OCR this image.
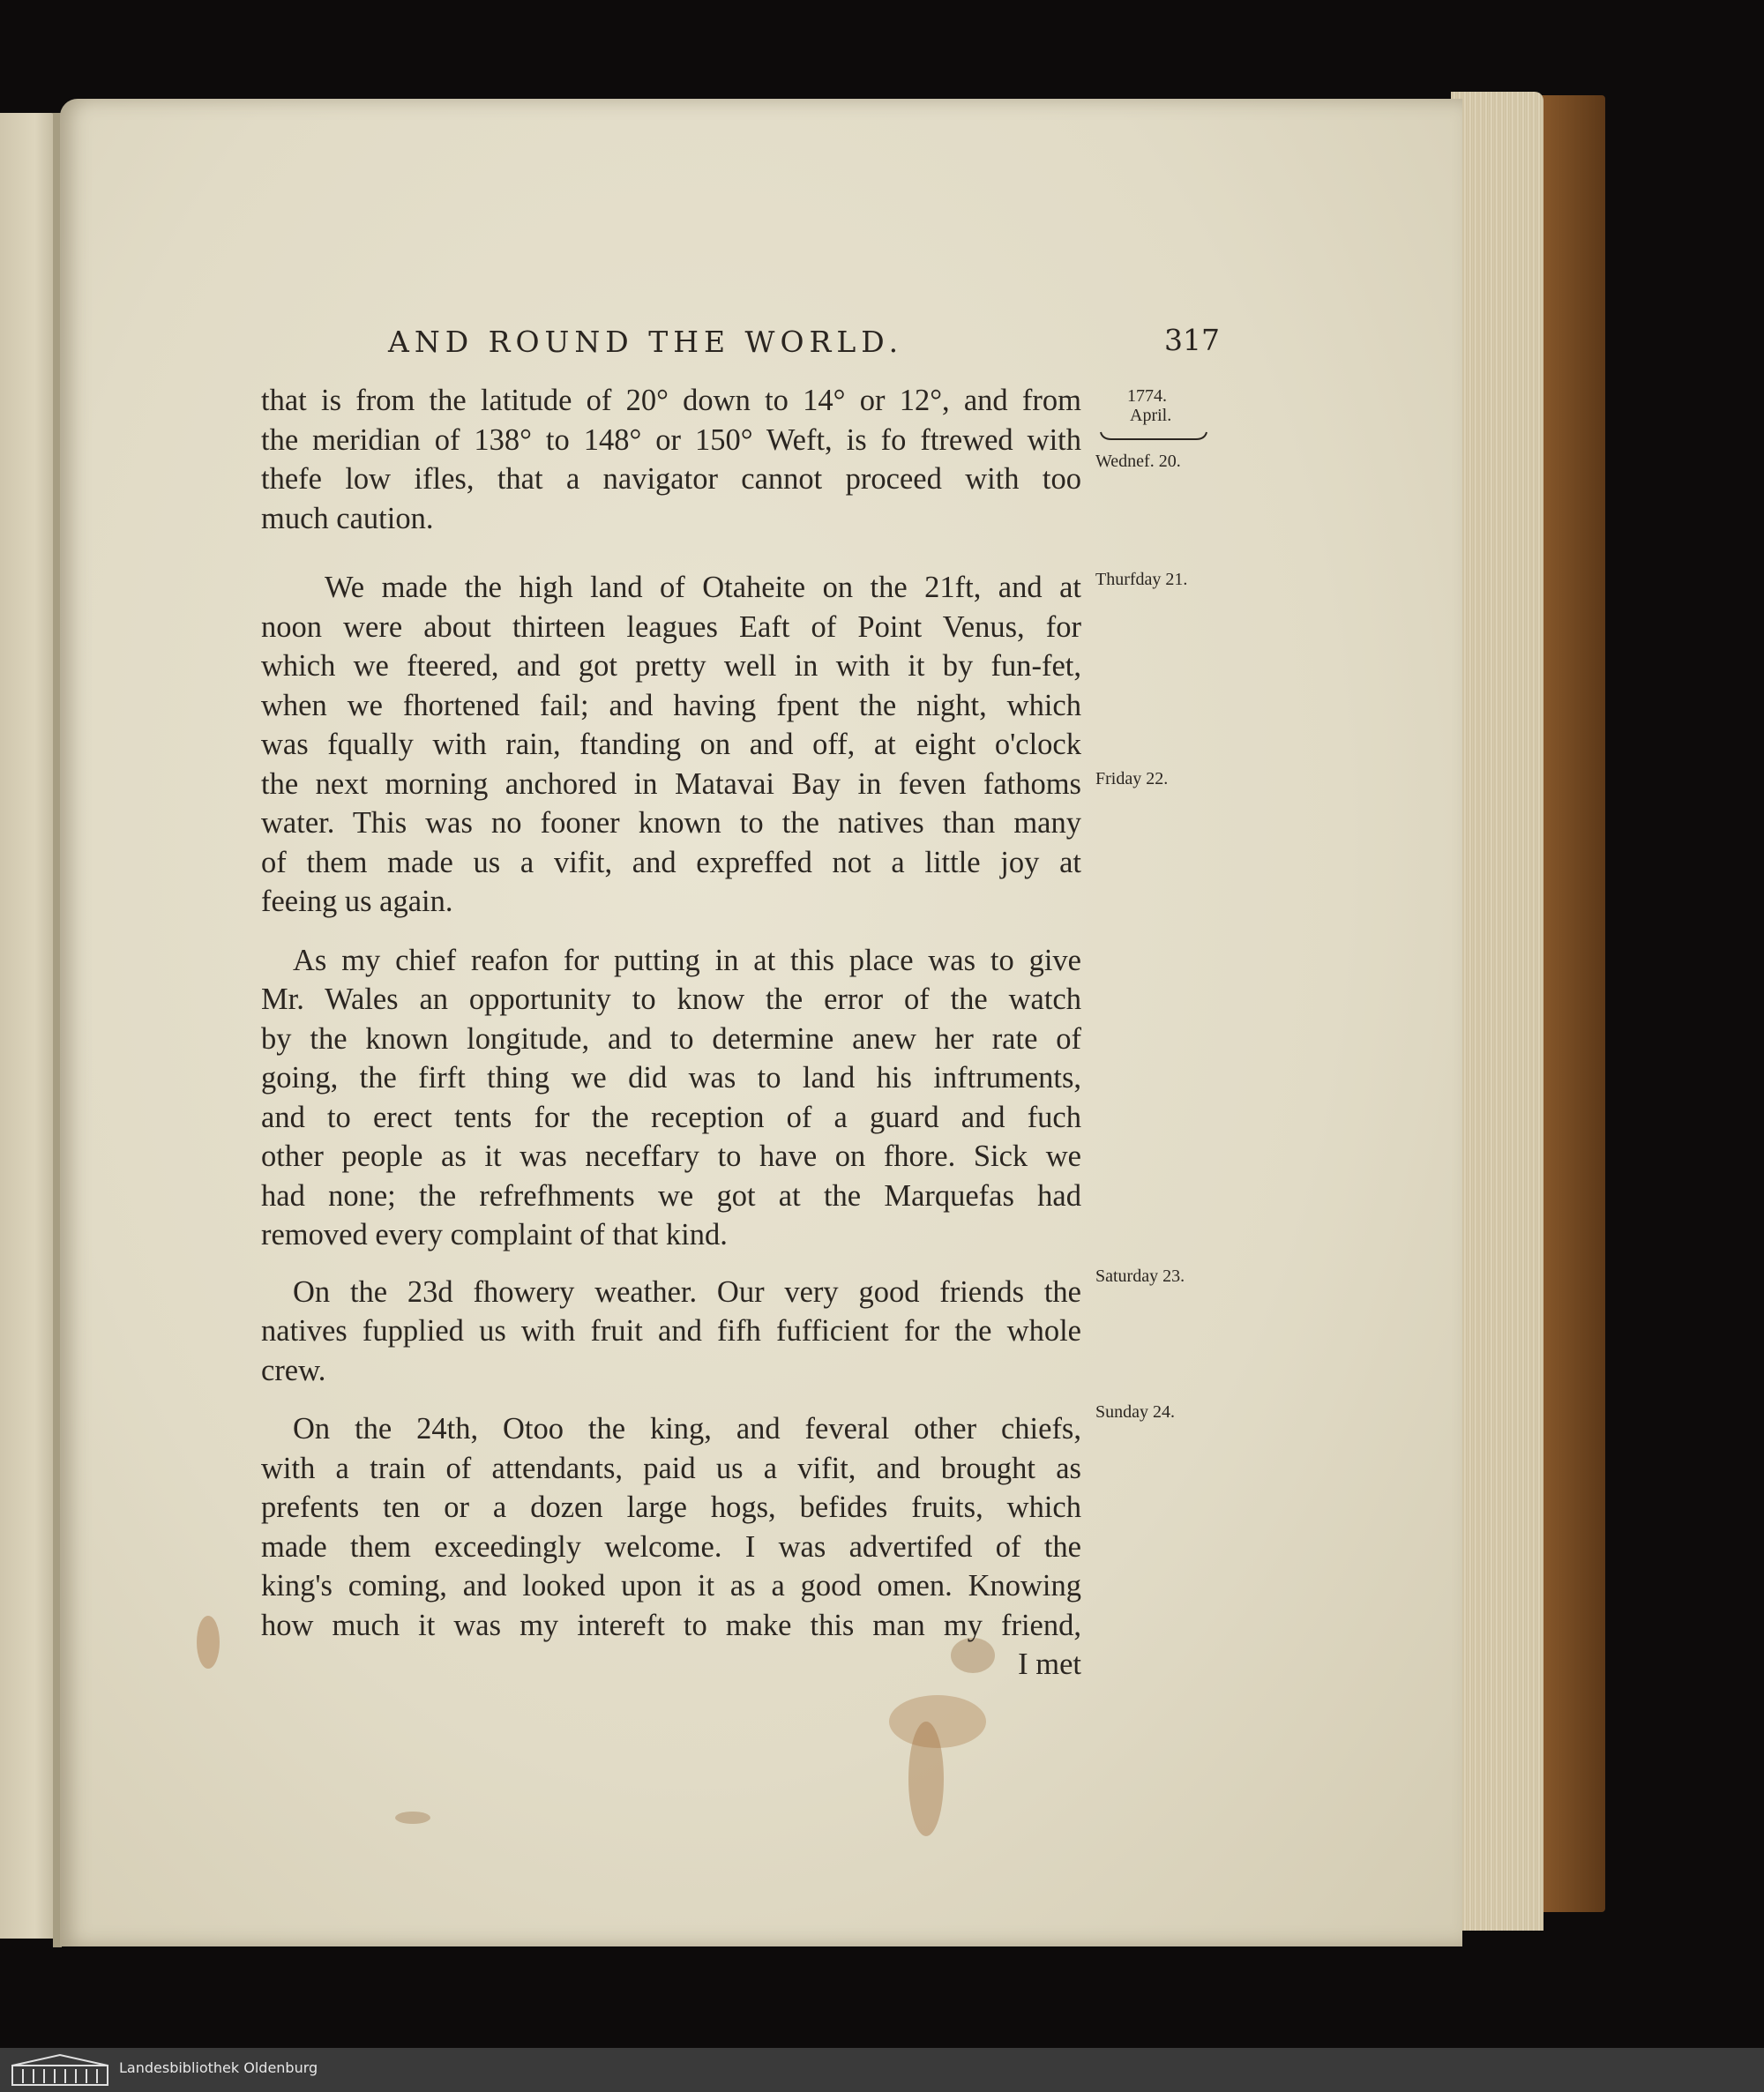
AND ROUND THE WORLD.	317
1774.
April.
Wednef. 20.
Thurfday 21.
Friday 22.
Saturday 23.
Sunday 24.

that is from the latitude of 20° down to 14° or 12°, and from
the meridian of 138° to 148° or 150° Weft, is fo ftrewed with
thefe low ifles, that a navigator cannot proceed with too
much caution.

We made the high land of Otaheite on the 21ft, and at
noon were about thirteen leagues Eaft of Point Venus, for
which we fteered, and got pretty well in with it by fun-fet,
when we fhortened fail; and having fpent the night, which
was fqually with rain, ftanding on and off, at eight o'clock
the next morning anchored in Matavai Bay in feven fathoms
water. This was no fooner known to the natives than many
of them made us a vifit, and expreffed not a little joy at
feeing us again.

As my chief reafon for putting in at this place was to give
Mr. Wales an opportunity to know the error of the watch
by the known longitude, and to determine anew her rate of
going, the firft thing we did was to land his inftruments,
and to erect tents for the reception of a guard and fuch
other people as it was neceffary to have on fhore. Sick we
had none; the refrefhments we got at the Marquefas had
removed every complaint of that kind.

On the 23d fhowery weather. Our very good friends the
natives fupplied us with fruit and fifh fufficient for the whole
crew.

On the 24th, Otoo the king, and feveral other chiefs,
with a train of attendants, paid us a vifit, and brought as
prefents ten or a dozen large hogs, befides fruits, which
made them exceedingly welcome. I was advertifed of the
king's coming, and looked upon it as a good omen. Knowing
how much it was my intereft to make this man my friend,

I met
Landesbibliothek Oldenburg
